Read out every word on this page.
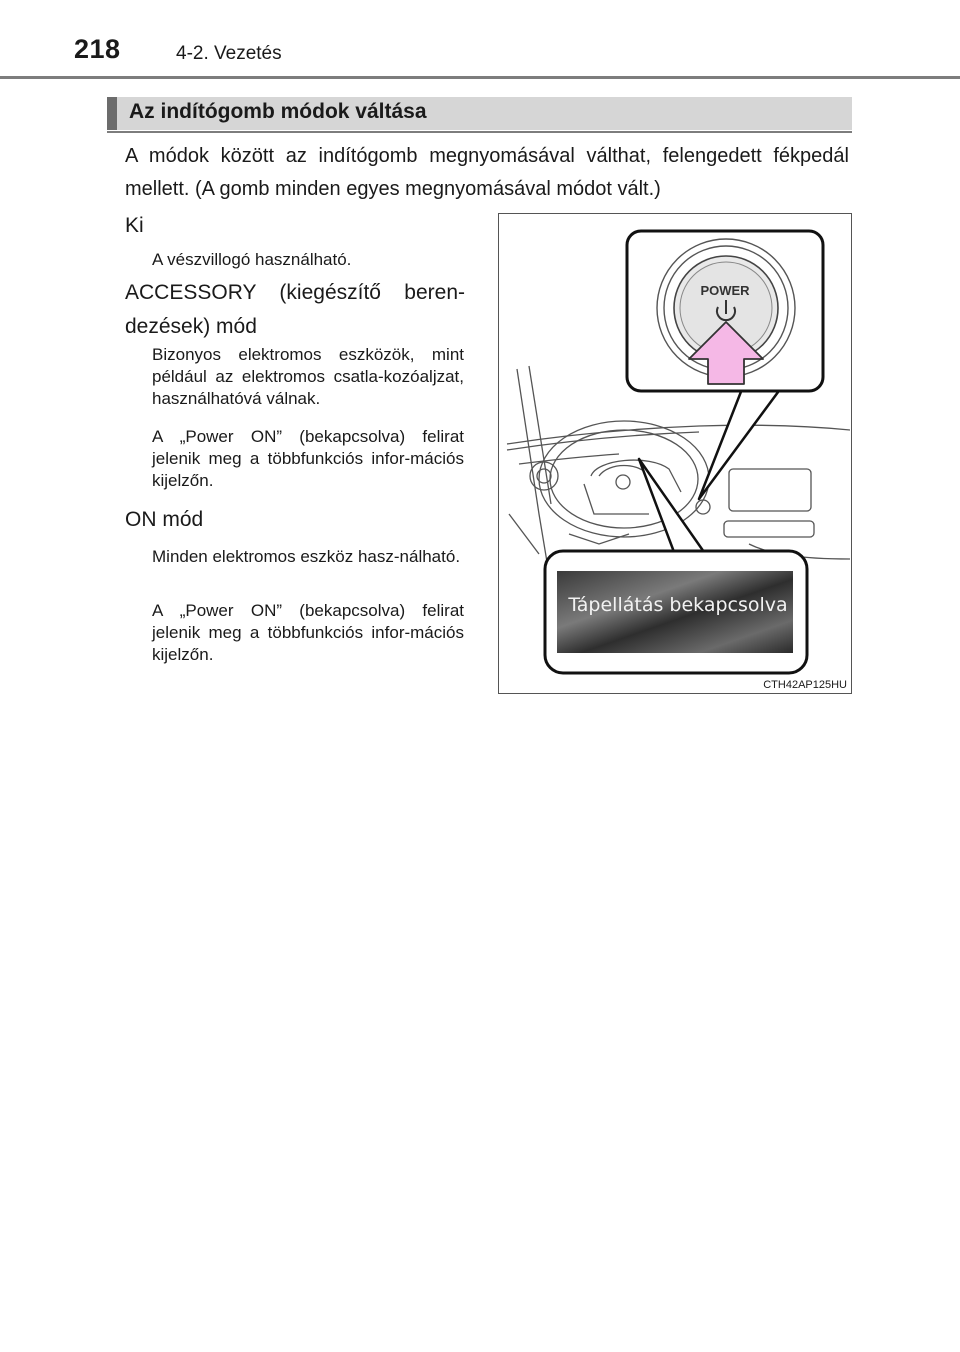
218	4-2. Vezetés
Az indítógomb módok váltása
A módok között az indítógomb megnyomásával válthat, felengedett fékpedál mellett. (A gomb minden egyes megnyomásával módot vált.)
Ki
A vészvillogó használható.
ACCESSORY (kiegészítő beren-dezések) mód
Bizonyos elektromos eszközök, mint például az elektromos csatla-kozóaljzat, használhatóvá válnak.
A „Power ON” (bekapcsolva) felirat jelenik meg a többfunkciós infor-mációs kijelzőn.
ON mód
Minden elektromos eszköz hasz-nálható.
A „Power ON” (bekapcsolva) felirat jelenik meg a többfunkciós infor-mációs kijelzőn.
POWER
Tápellátás bekapcsolva
CTH42AP125HU
